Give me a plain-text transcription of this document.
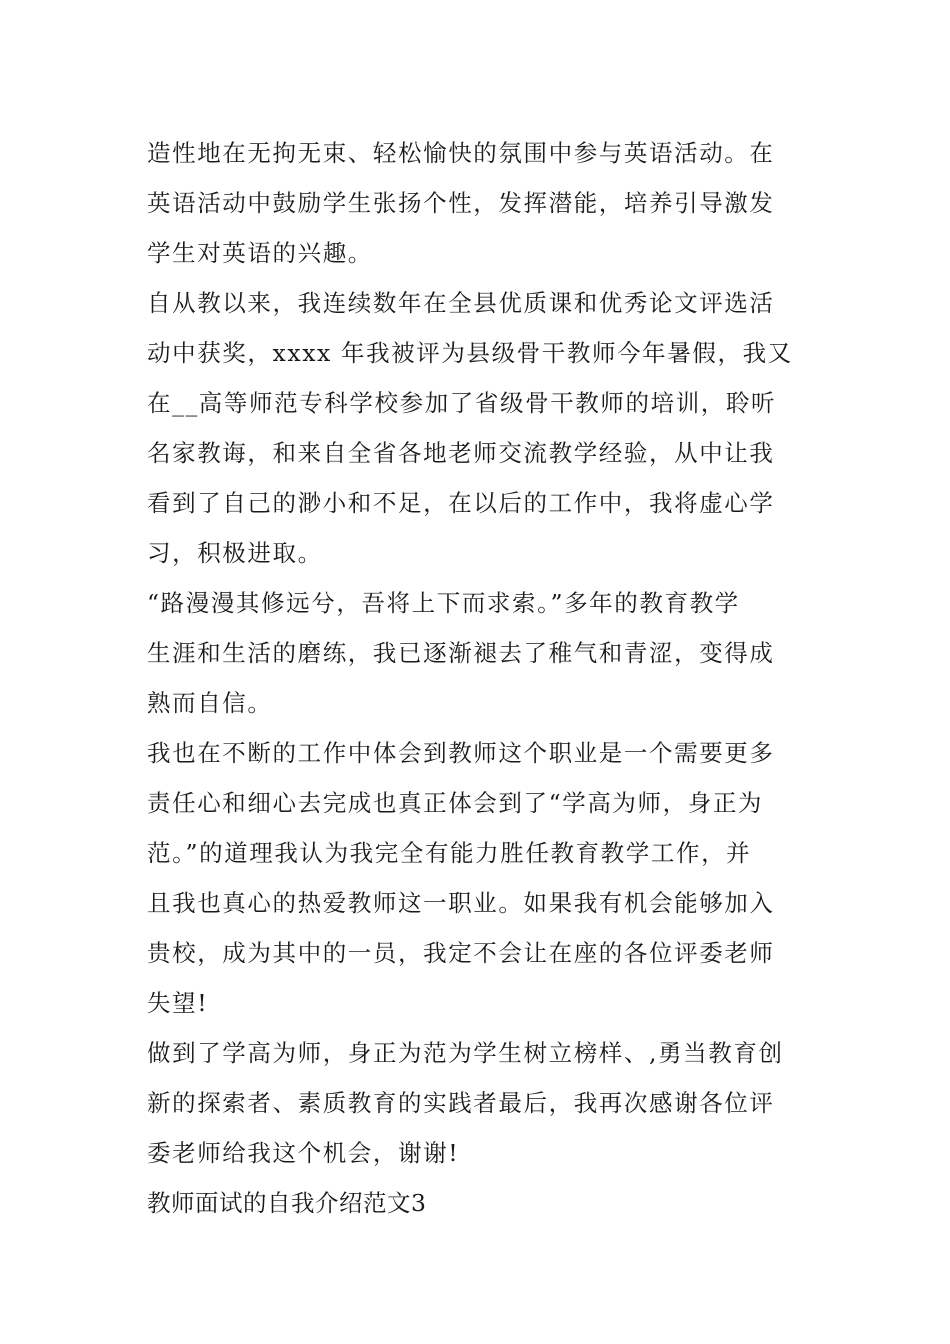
造性地在无拘无束、轻松愉快的氛围中参与英语活动。在
英语活动中鼓励学生张扬个性，发挥潜能，培养引导激发
学生对英语的兴趣。
自从教以来，我连续数年在全县优质课和优秀论文评选活
动中获奖，xxxx 年我被评为县级骨干教师今年暑假，我又
在__高等师范专科学校参加了省级骨干教师的培训，聆听
名家教诲，和来自全省各地老师交流教学经验，从中让我
看到了自己的渺小和不足，在以后的工作中，我将虚心学
习，积极进取。
“路漫漫其修远兮，吾将上下而求索。”多年的教育教学
生涯和生活的磨练，我已逐渐褪去了稚气和青涩，变得成
熟而自信。
我也在不断的工作中体会到教师这个职业是一个需要更多
责任心和细心去完成也真正体会到了“学高为师，身正为
范。”的道理我认为我完全有能力胜任教育教学工作，并
且我也真心的热爱教师这一职业。如果我有机会能够加入
贵校，成为其中的一员，我定不会让在座的各位评委老师
失望!
做到了学高为师，身正为范为学生树立榜样、,勇当教育创
新的探索者、素质教育的实践者最后，我再次感谢各位评
委老师给我这个机会，谢谢!
教师面试的自我介绍范文3
